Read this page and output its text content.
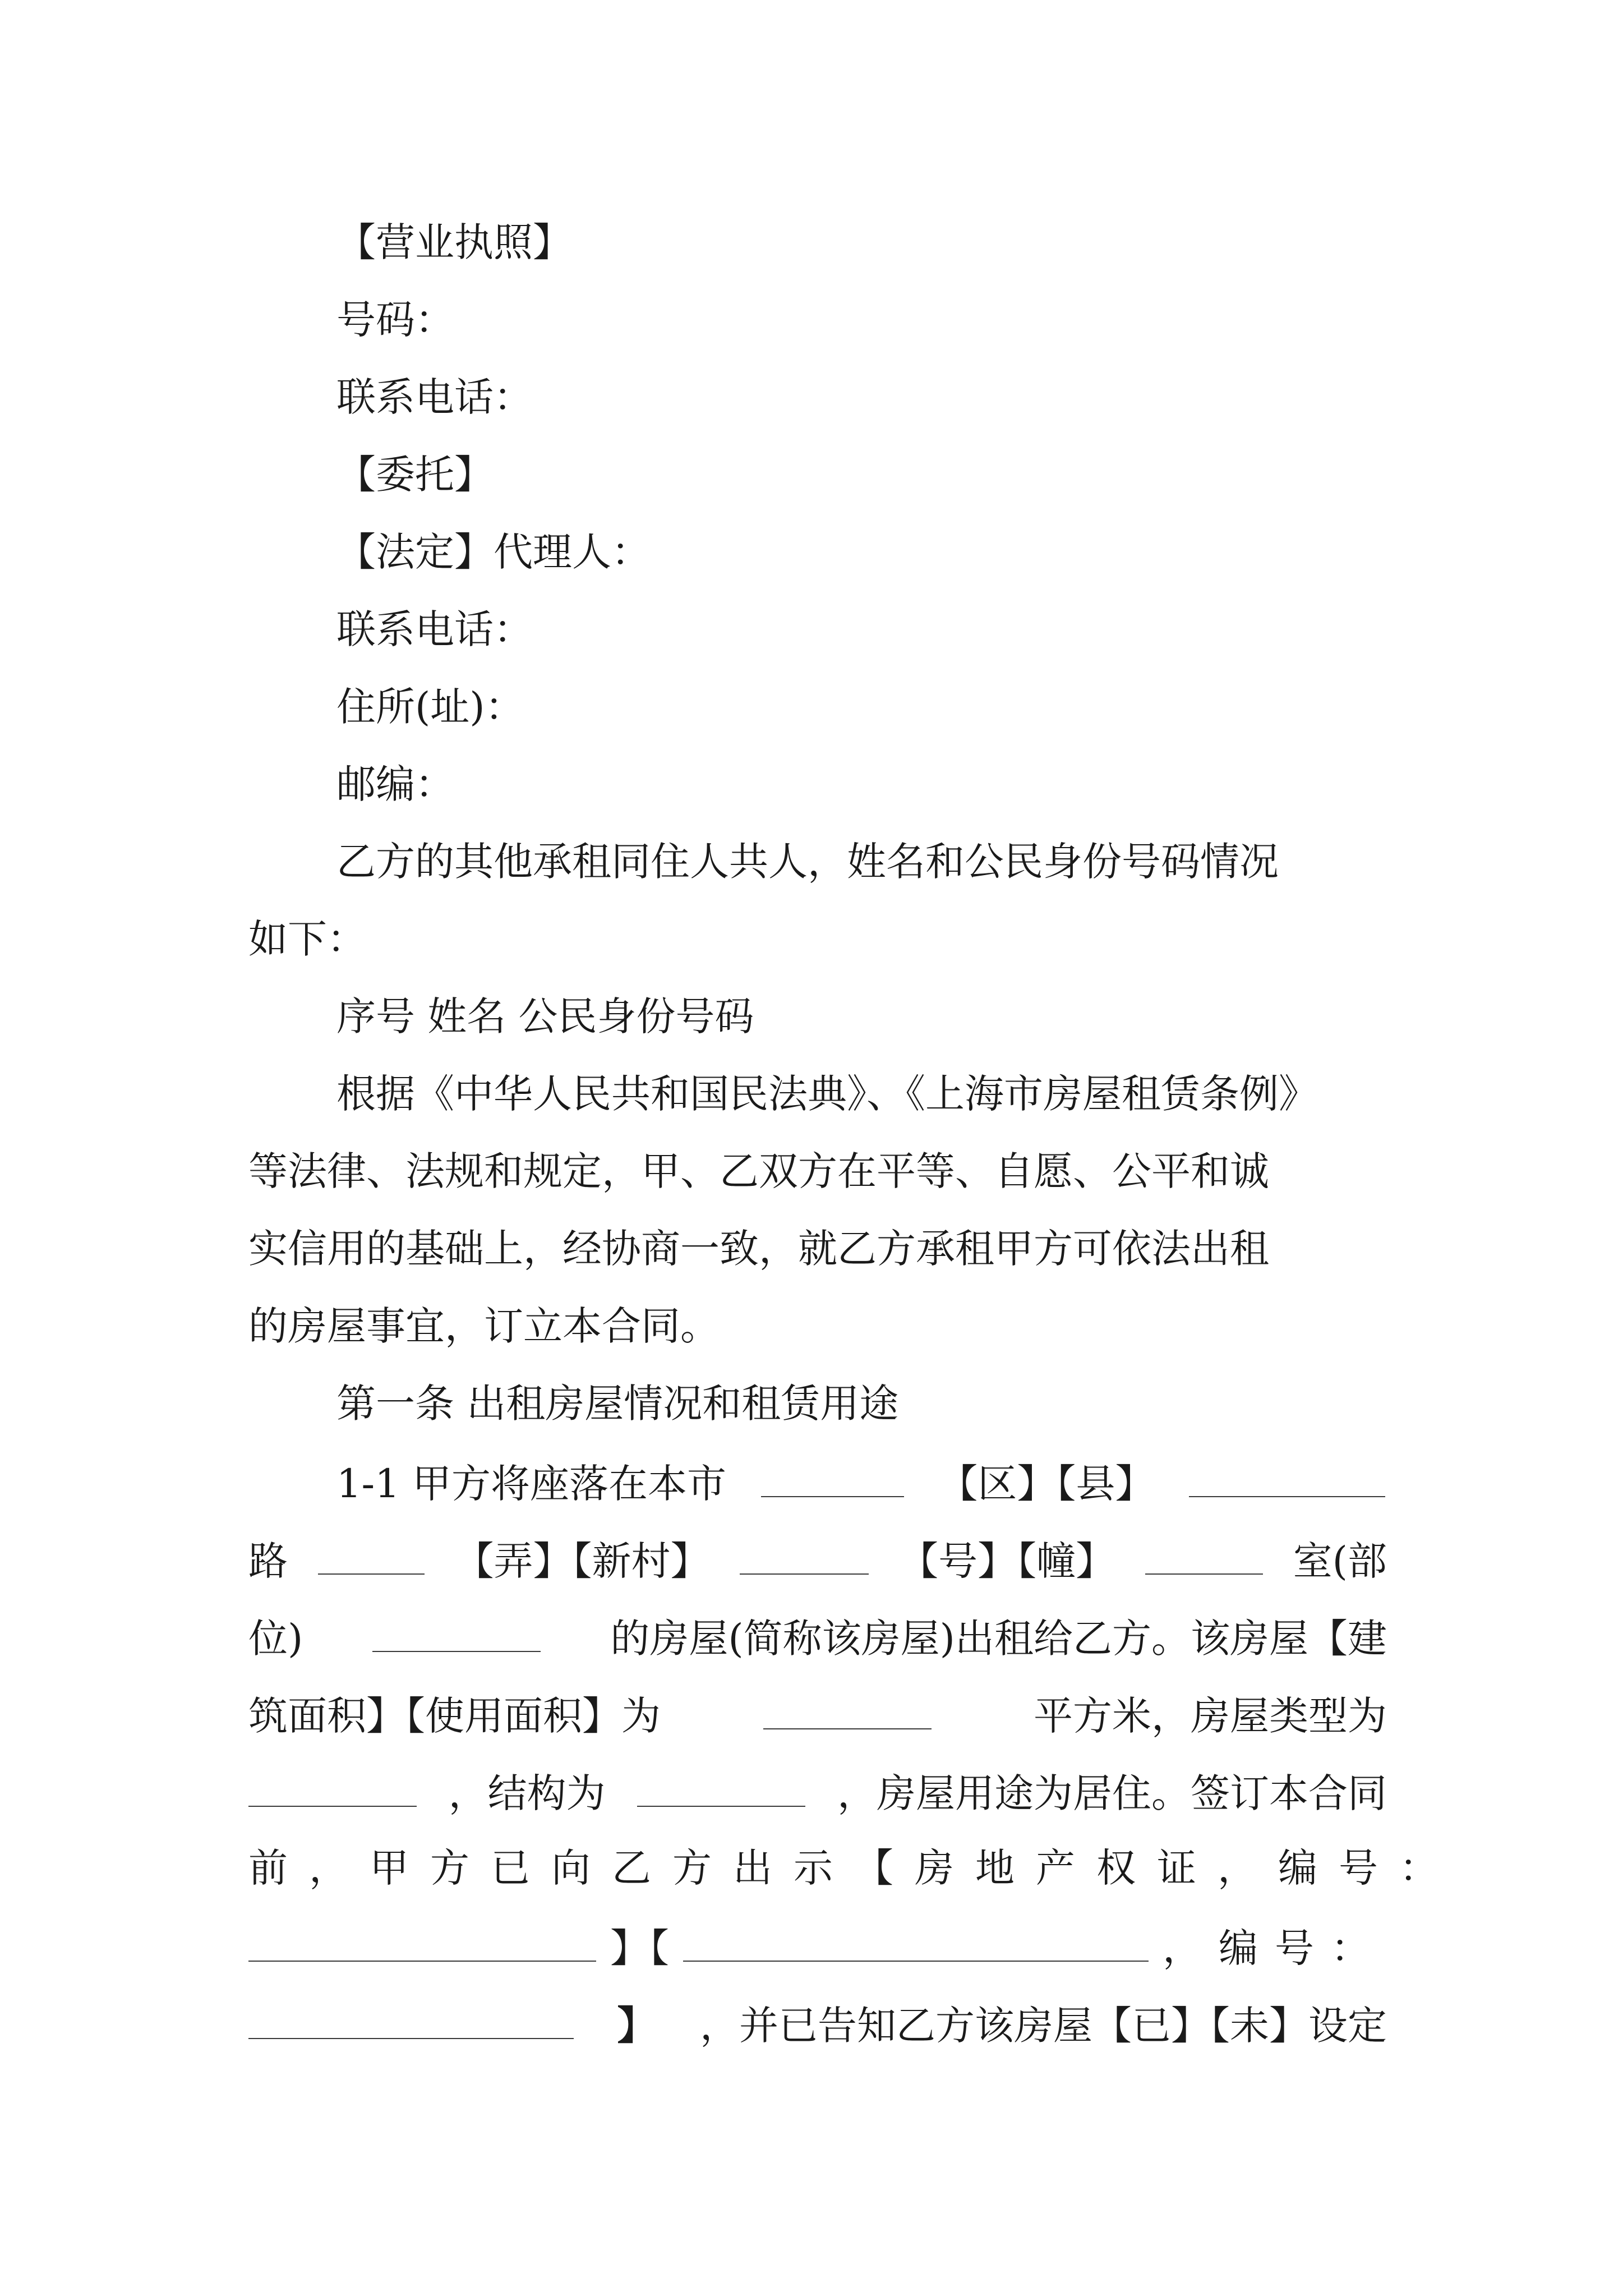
【营业执照】
号码：
联系电话：
【委托】
【法定】代理人：
联系电话：
住所(址)：
邮编：
乙方的其他承租同住人共人，姓名和公民身份号码情况
如下：
序号 姓名 公民身份号码
根据《中华人民共和国民法典》、《上海市房屋租赁条例》
等法律、法规和规定，甲、乙双方在平等、自愿、公平和诚
实信用的基础上，经协商一致，就乙方承租甲方可依法出租
的房屋事宜，订立本合同。
第一条 出租房屋情况和租赁用途
1-1 甲方将座落在本市	【区】【县】
路	【弄】【新村】	【号】【幢】	室(部
位)	的房屋(简称该房屋)出租给乙方。该房屋【建
筑面积】【使用面积】为	平方米，房屋类型为
，结构为	，房屋用途为居住。签订本合同
前，甲方已向乙方出示【房地产权证，编号：
】【	，编号：
】 ，并已告知乙方该房屋【已】【未】设定
